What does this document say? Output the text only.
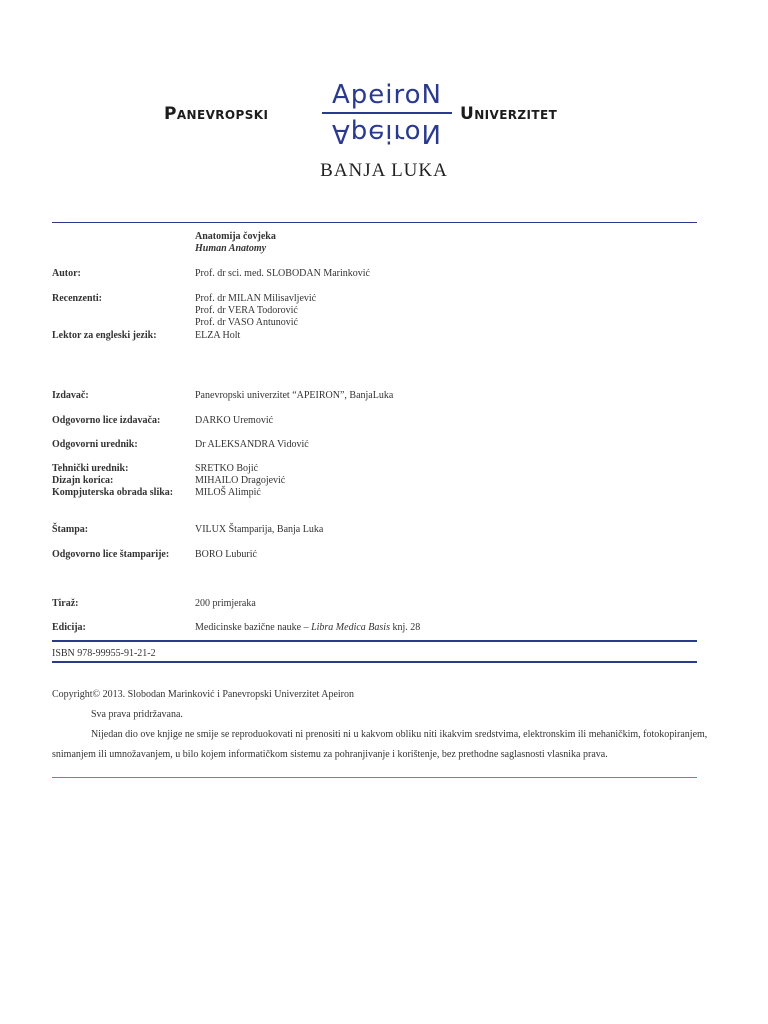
Panevropski
ApeiroN
ApeiroN
Univerzitet
BANJA LUKA
Anatomija čovjeka
Human Anatomy
Autor:	Prof. dr sci. med. SLOBODAN Marinković
Recenzenti:	Prof. dr MILAN Milisavljević
Prof. dr VERA Todorović
Prof. dr VASO Antunović
Lektor za engleski jezik:	ELZA Holt
Izdavač:	Panevropski univerzitet “APEIRON”, BanjaLuka
Odgovorno lice izdavača:	DARKO Uremović
Odgovorni urednik:	Dr ALEKSANDRA Vidović
Tehnički urednik:	SRETKO Bojić
Dizajn korica:	MIHAILO Dragojević
Kompjuterska obrada slika:	MILOŠ Alimpić
Štampa:	VILUX Štamparija, Banja Luka
Odgovorno lice štamparije:	BORO Luburić
Tiraž:	200 primjeraka
Edicija:	Medicinske bazične nauke – Libra Medica Basis knj. 28
ISBN 978-99955-91-21-2
Copyright© 2013. Slobodan Marinković i Panevropski Univerzitet Apeiron
Sva prava pridržavana.
Nijedan dio ove knjige ne smije se reproduokovati ni prenositi ni u kakvom obliku niti ikakvim sredstvima, elektronskim ili mehaničkim, fotokopiranjem,
snimanjem ili umnožavanjem, u bilo kojem informatičkom sistemu za pohranjivanje i korištenje, bez prethodne saglasnosti vlasnika prava.
